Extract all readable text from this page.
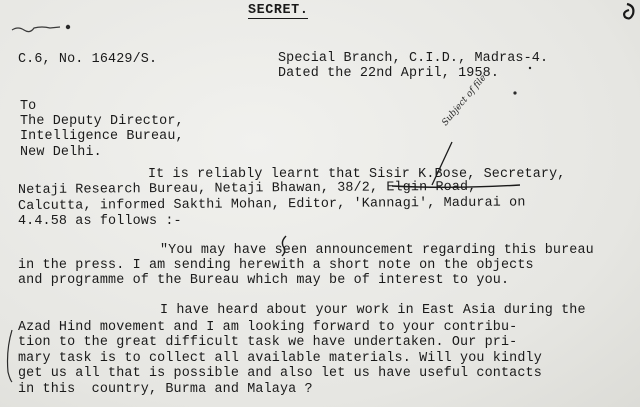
SECRET.
C.6, No. 16429/S.	Special Branch, C.I.D., Madras-4.
Dated the 22nd April, 1958.
To
The Deputy Director,
Intelligence Bureau,
New Delhi.
It is reliably learnt that Sisir K.Bose, Secretary,
Netaji Research Bureau, Netaji Bhawan, 38/2, Elgin Road,
Calcutta, informed Sakthi Mohan, Editor, 'Kannagi', Madurai on
4.4.58 as follows :-
"You may have seen announcement regarding this bureau
in the press. I am sending herewith a short note on the objects
and programme of the Bureau which may be of interest to you.
I have heard about your work in East Asia during the
Azad Hind movement and I am looking forward to your contribu-
tion to the great difficult task we have undertaken. Our pri-
mary task is to collect all available materials. Will you kindly
get us all that is possible and also let us have useful contacts
in this  country, Burma and Malaya ?
Subject of file
